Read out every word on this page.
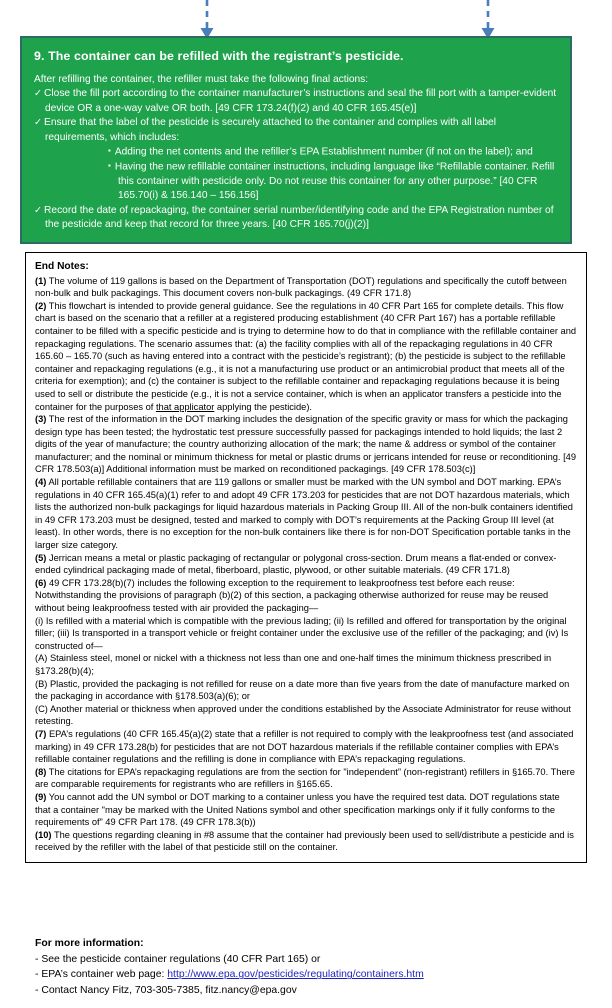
9. The container can be refilled with the registrant’s pesticide.
After refilling the container, the refiller must take the following final actions:
✓ Close the fill port according to the container manufacturer’s instructions and seal the fill port with a tamper-evident device OR a one-way valve OR both. [49 CFR 173.24(f)(2) and 40 CFR 165.45(e)]
✓ Ensure that the label of the pesticide is securely attached to the container and complies with all label requirements, which includes:
▪ Adding the net contents and the refiller’s EPA Establishment number (if not on the label); and
▪ Having the new refillable container instructions, including language like “Refillable container. Refill this container with pesticide only. Do not reuse this container for any other purpose.” [40 CFR 165.70(i) & 156.140 – 156.156]
✓ Record the date of repackaging, the container serial number/identifying code and the EPA Registration number of the pesticide and keep that record for three years. [40 CFR 165.70(j)(2)]
End Notes:
(1) The volume of 119 gallons is based on the Department of Transportation (DOT) regulations and specifically the cutoff between non-bulk and bulk packagings. This document covers non-bulk packagings. (49 CFR 171.8)
(2) This flowchart is intended to provide general guidance. See the regulations in 40 CFR Part 165 for complete details. This flow chart is based on the scenario that a refiller at a registered producing establishment (40 CFR Part 167) has a portable refillable container to be filled with a specific pesticide and is trying to determine how to do that in compliance with the refillable container and repackaging regulations. The scenario assumes that: (a) the facility complies with all of the repackaging regulations in 40 CFR 165.60 – 165.70 (such as having entered into a contract with the pesticide’s registrant); (b) the pesticide is subject to the refillable container and repackaging regulations (e.g., it is not a manufacturing use product or an antimicrobial product that meets all of the criteria for exemption); and (c) the container is subject to the refillable container and repackaging regulations because it is being used to sell or distribute the pesticide (e.g., it is not a service container, which is when an applicator transfers a pesticide into the container for the purposes of that applicator applying the pesticide).
(3) The rest of the information in the DOT marking includes the designation of the specific gravity or mass for which the packaging design type has been tested; the hydrostatic test pressure successfully passed for packagings intended to hold liquids; the last 2 digits of the year of manufacture; the country authorizing allocation of the mark; the name & address or symbol of the container manufacturer; and the nominal or minimum thickness for metal or plastic drums or jerricans intended for reuse or reconditioning. [49 CFR 178.503(a)] Additional information must be marked on reconditioned packagings. [49 CFR 178.503(c)]
(4) All portable refillable containers that are 119 gallons or smaller must be marked with the UN symbol and DOT marking. EPA’s regulations in 40 CFR 165.45(a)(1) refer to and adopt 49 CFR 173.203 for pesticides that are not DOT hazardous materials, which lists the authorized non-bulk packagings for liquid hazardous materials in Packing Group III. All of the non-bulk containers identified in 49 CFR 173.203 must be designed, tested and marked to comply with DOT’s requirements at the Packing Group III level (at least). In other words, there is no exception for the non-bulk containers like there is for non-DOT Specification portable tanks in the larger size category.
(5) Jerrican means a metal or plastic packaging of rectangular or polygonal cross-section. Drum means a flat-ended or convex-ended cylindrical packaging made of metal, fiberboard, plastic, plywood, or other suitable materials. (49 CFR 171.8)
(6) 49 CFR 173.28(b)(7) includes the following exception to the requirement to leakproofness test before each reuse: Notwithstanding the provisions of paragraph (b)(2) of this section, a packaging otherwise authorized for reuse may be reused without being leakproofness tested with air provided the packaging—
(i) Is refilled with a material which is compatible with the previous lading; (ii) Is refilled and offered for transportation by the original filler; (iii) Is transported in a transport vehicle or freight container under the exclusive use of the refiller of the packaging; and (iv) Is constructed of—
(A) Stainless steel, monel or nickel with a thickness not less than one and one-half times the minimum thickness prescribed in §173.28(b)(4);
(B) Plastic, provided the packaging is not refilled for reuse on a date more than five years from the date of manufacture marked on the packaging in accordance with §178.503(a)(6); or
(C) Another material or thickness when approved under the conditions established by the Associate Administrator for reuse without retesting.
(7) EPA’s regulations (40 CFR 165.45(a)(2) state that a refiller is not required to comply with the leakproofness test (and associated marking) in 49 CFR 173.28(b) for pesticides that are not DOT hazardous materials if the refillable container complies with EPA’s refillable container regulations and the refilling is done in compliance with EPA’s repackaging regulations.
(8) The citations for EPA’s repackaging regulations are from the section for "independent” (non-registrant) refillers in §165.70. There are comparable requirements for registrants who are refillers in §165.65.
(9) You cannot add the UN symbol or DOT marking to a container unless you have the required test data. DOT regulations state that a container "may be marked with the United Nations symbol and other specification markings only if it fully conforms to the requirements of” 49 CFR Part 178. (49 CFR 178.3(b))
(10) The questions regarding cleaning in #8 assume that the container had previously been used to sell/distribute a pesticide and is received by the refiller with the label of that pesticide still on the container.
For more information:
- See the pesticide container regulations (40 CFR Part 165) or
- EPA’s container web page: http://www.epa.gov/pesticides/regulating/containers.htm
- Contact Nancy Fitz, 703-305-7385, fitz.nancy@epa.gov
